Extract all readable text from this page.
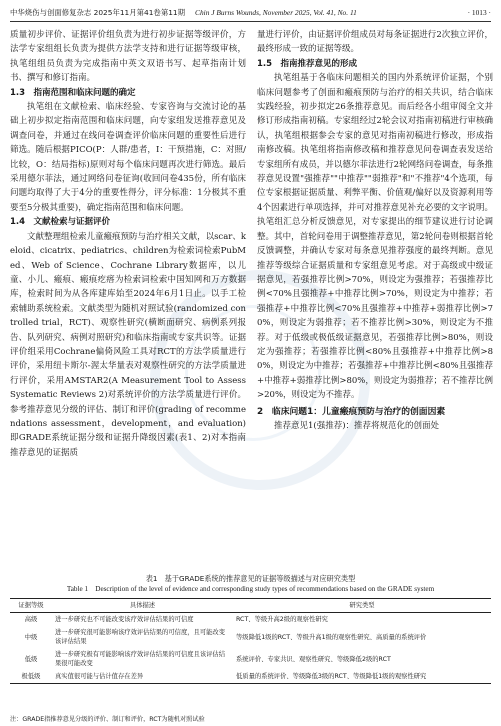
中华烧伤与创面修复杂志 2025年11月第41卷第11期 Chin J Burns Wounds, November 2025, Vol. 41, No. 11	· 1013 ·

质量初步评价、证据评价组负责为进行初步证据等级评价，方法学专家组组长负责为提供方法学支持和进行证据等级审核，执笔组组员负责为完成指南中英文双语书写、起草指南计划书、撰写和修订指南。

1.3　指南范围和临床问题的确定

执笔组在文献检索、临床经验、专家咨询与交流讨论的基础上初步拟定指南范围和临床问题，向专家组发送推荐意见及调查问卷，并通过在线问卷调查评价临床问题的重要性后进行筛选。随后根据PICO(P：人群/患者，I：干预措施，C：对照/比较，O：结局指标)原则对每个临床问题再次进行筛选。最后采用德尔菲法，通过网络问卷征询(收回问卷435份，所有临床问题均取得了大于4分的重要性得分，评分标准：1分极其不重要至5分极其重要)，确定指南范围和临床问题。

1.4　文献检索与证据评价

文献整理组检索儿童瘢痕预防与治疗相关文献，以scar、keloid、cicatrix、pediatrics、children为检索词检索PubMed、Web of Science、Cochrane Library数据库，以儿童、小儿、瘢痕、瘢痕疙瘩为检索词检索中国知网和万方数据库，检索时间为从各库建库始至2024年6月1日止。以手工检索辅助系统检索。文献类型为随机对照试验(randomized controlled trial，RCT)、观察性研究(横断面研究、病例系列报告、队列研究、病例对照研究)和临床指南或专家共识等。证据评价组采用Cochrane偏倚风险工具对RCT的方法学质量进行评价，采用纽卡斯尔-渥太华量表对观察性研究的方法学质量进行评价，采用AMSTAR2(A Measurement Tool to Assess Systematic Reviews 2)对系统评价的方法学质量进行评价。参考推荐意见分级的评估、制订和评价(grading of recommendations assessment，development，and evaluation)即GRADE系统证据分级和证据升降级因素(表1、2)对本指南推荐意见的证据质

量进行评价，由证据评价组成员对每条证据进行2次独立评价，最终形成一致的证据等级。

1.5　指南推荐意见的形成

执笔组基于各临床问题相关的国内外系统评价证据，个别临床问题参考了创面和瘢痕预防与治疗的相关共识，结合临床实践经验，初步拟定26条推荐意见。而后经各小组审阅全文并修订形成指南初稿。专家组经过2轮会议对指南初稿进行审核确认，执笔组根据参会专家的意见对指南初稿进行修改，形成指南修改稿。执笔组将指南修改稿和推荐意见问卷调查表发送给专家组所有成员，并以德尔菲法进行2轮网络问卷调查，每条推荐意见设置"强推荐""中推荐""弱推荐"和"不推荐"4个选项，每位专家根据证据质量、利弊平衡、价值观/偏好以及资源利用等4个因素进行单项选择，并可对推荐意见补充必要的文字说明。执笔组汇总分析反馈意见，对专家提出的细节建议进行讨论调整。其中，首轮问卷用于调整推荐意见，第2轮问卷则根据首轮反馈调整，并确认专家对每条意见推荐强度的最终判断。意见推荐等级综合证据质量和专家组意见考虑。对于高级或中级证据意见，若强推荐比例>70%，则设定为强推荐；若强推荐比例<70%且强推荐+中推荐比例>70%，则设定为中推荐；若强推荐+中推荐比例<70%且强推荐+中推荐+弱推荐比例>70%，则设定为弱推荐；若不推荐比例>30%，则设定为不推荐。对于低级或极低级证据意见，若强推荐比例>80%，则设定为强推荐；若强推荐比例<80%且强推荐+中推荐比例>80%，则设定为中推荐；若强推荐+中推荐比例<80%且强推荐+中推荐+弱推荐比例>80%，则设定为弱推荐；若不推荐比例>20%，则设定为不推荐。

2　临床问题1：儿童瘢痕预防与治疗的创面因素

推荐意见1(强推荐)：推荐将规范化的创面处

表1　基于GRADE系统的推荐意见的证据等级描述与对应研究类型
Table 1　Description of the level of evidence and corresponding study types of recommendations based on the GRADE system
证据等级	具体描述	研究类型
高级	进一步研究也不可能改变该疗效评估结果的可信度	RCT、等级升高2级的观察性研究
中级	进一步研究很可能影响该疗效评估结果的可信度，且可能改变该评估结果	等级降低1级的RCT、等级升高1级的观察性研究、高质量的系统评价
低级	进一步研究极有可能影响该疗效评估结果的可信度且该评估结果很可能改变	系统评价、专家共识、观察性研究、等级降低2级的RCT
极低级	真实值很可能与估计值存在差异	低质量的系统评价、等级降低3级的RCT、等级降低1级的观察性研究
注：GRADE指推荐意见分级的评价、制订和评价，RCT为随机对照试验
